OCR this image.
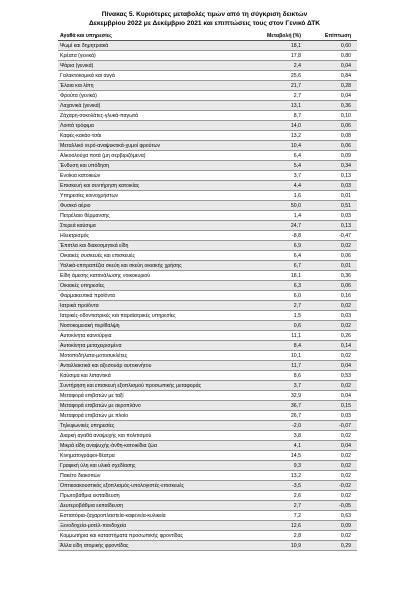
Πίνακας 5. Κυριότερες μεταβολές τιμών από τη σύγκριση δεικτών
Δεκεμβρίου 2022 με Δεκέμβριο 2021 και επιπτώσεις τους στον Γενικό ΔΤΚ
Αγαθά και υπηρεσίες	Μεταβολή (%)	Επίπτωση
Ψωμί και δημητριακά	18,1	0,60
Κρέατα (γενικά)	17,8	0,80
Ψάρια (γενικά)	2,4	0,04
Γαλακτοκομικά και αυγά	25,6	0,84
Έλαια και λίπη	21,7	0,28
Φρούτα (γενικά)	2,7	0,04
Λαχανικά (γενικά)	13,1	0,36
Ζάχαρη-σοκολάτες-γλυκά-παγωτά	8,7	0,10
Λοιπά τρόφιμα	14,0	0,06
Καφές-κακάο-τσάι	13,2	0,08
Μεταλλικό νερό-αναψυκτικά-χυμοί φρούτων	10,4	0,06
Αλκοολούχα ποτά (μη σερβιριζόμενα)	6,4	0,09
Ένδυση και υπόδηση	5,4	0,34
Ενοίκια κατοικιών	3,7	0,13
Επισκευή και συντήρηση κατοικίας	4,4	0,03
Υπηρεσίες κοινοχρήστων	1,6	0,01
Φυσικό αέριο	50,0	0,51
Πετρέλαιο θέρμανσης	1,4	0,03
Στερεά καύσιμα	24,7	0,13
Ηλεκτρισμός	-8,8	-0,47
Έπιπλα και διακοσμητικά είδη	6,9	0,02
Οικιακές συσκευές και επισκευές	6,4	0,06
Υαλικά-επιτραπέζια σκεύη και σκεύη οικιακής χρήσης	6,7	0,01
Είδη άμεσης κατανάλωσης νοικοκυριού	18,1	0,36
Οικιακές υπηρεσίες	6,3	0,06
Φαρμακευτικά προϊόντα	6,0	0,16
Ιατρικά προϊόντα	2,7	0,02
Ιατρικές-οδοντιατρικές και παραϊατρικές υπηρεσίες	1,5	0,03
Νοσοκομειακή περίθαλψη	0,6	0,02
Αυτοκίνητα καινούργια	11,1	0,26
Αυτοκίνητα μεταχειρισμένα	8,4	0,14
Μοτοποδήλατα-μοτοσυκλέτες	10,1	0,02
Ανταλλακτικά και αξεσουάρ αυτοκινήτου	11,7	0,04
Καύσιμα και λιπαντικά	8,6	0,53
Συντήρηση και επισκευή εξοπλισμού προσωπικής μεταφοράς	3,7	0,02
Μεταφορά επιβατών με ταξί	32,9	0,04
Μεταφορά επιβατών με αεροπλάνο	36,7	0,15
Μεταφορά επιβατών με πλοίο	26,7	0,03
Τηλεφωνικές υπηρεσίες	-2,0	-0,07
Διαρκή αγαθά αναψυχής και πολιτισμού	3,8	0,02
Μικρά είδη αναψυχής-άνθη-κατοικίδια ζώα	4,1	0,04
Κινηματογράφοι-θέατρα	14,5	0,02
Γραφική ύλη και υλικά σχεδίασης	9,3	0,02
Πακέτο διακοπών	13,2	0,02
Οπτικοακουστικός εξοπλισμός-υπολογιστές-επισκευές	-3,5	-0,02
Πρωτοβάθμια εκπαίδευση	2,6	0,02
Δευτεροβάθμια εκπαίδευση	2,7	-0,05
Εστιατόρια-ζαχαροπλαστεία-καφενεία-κυλικεία	7,2	0,63
Ξενοδοχεία-μοτέλ-πανδοχεία	12,6	0,09
Κομμωτήρια και καταστήματα προσωπικής φροντίδας	2,8	0,02
Άλλα είδη ατομικής φροντίδας	10,9	0,29
